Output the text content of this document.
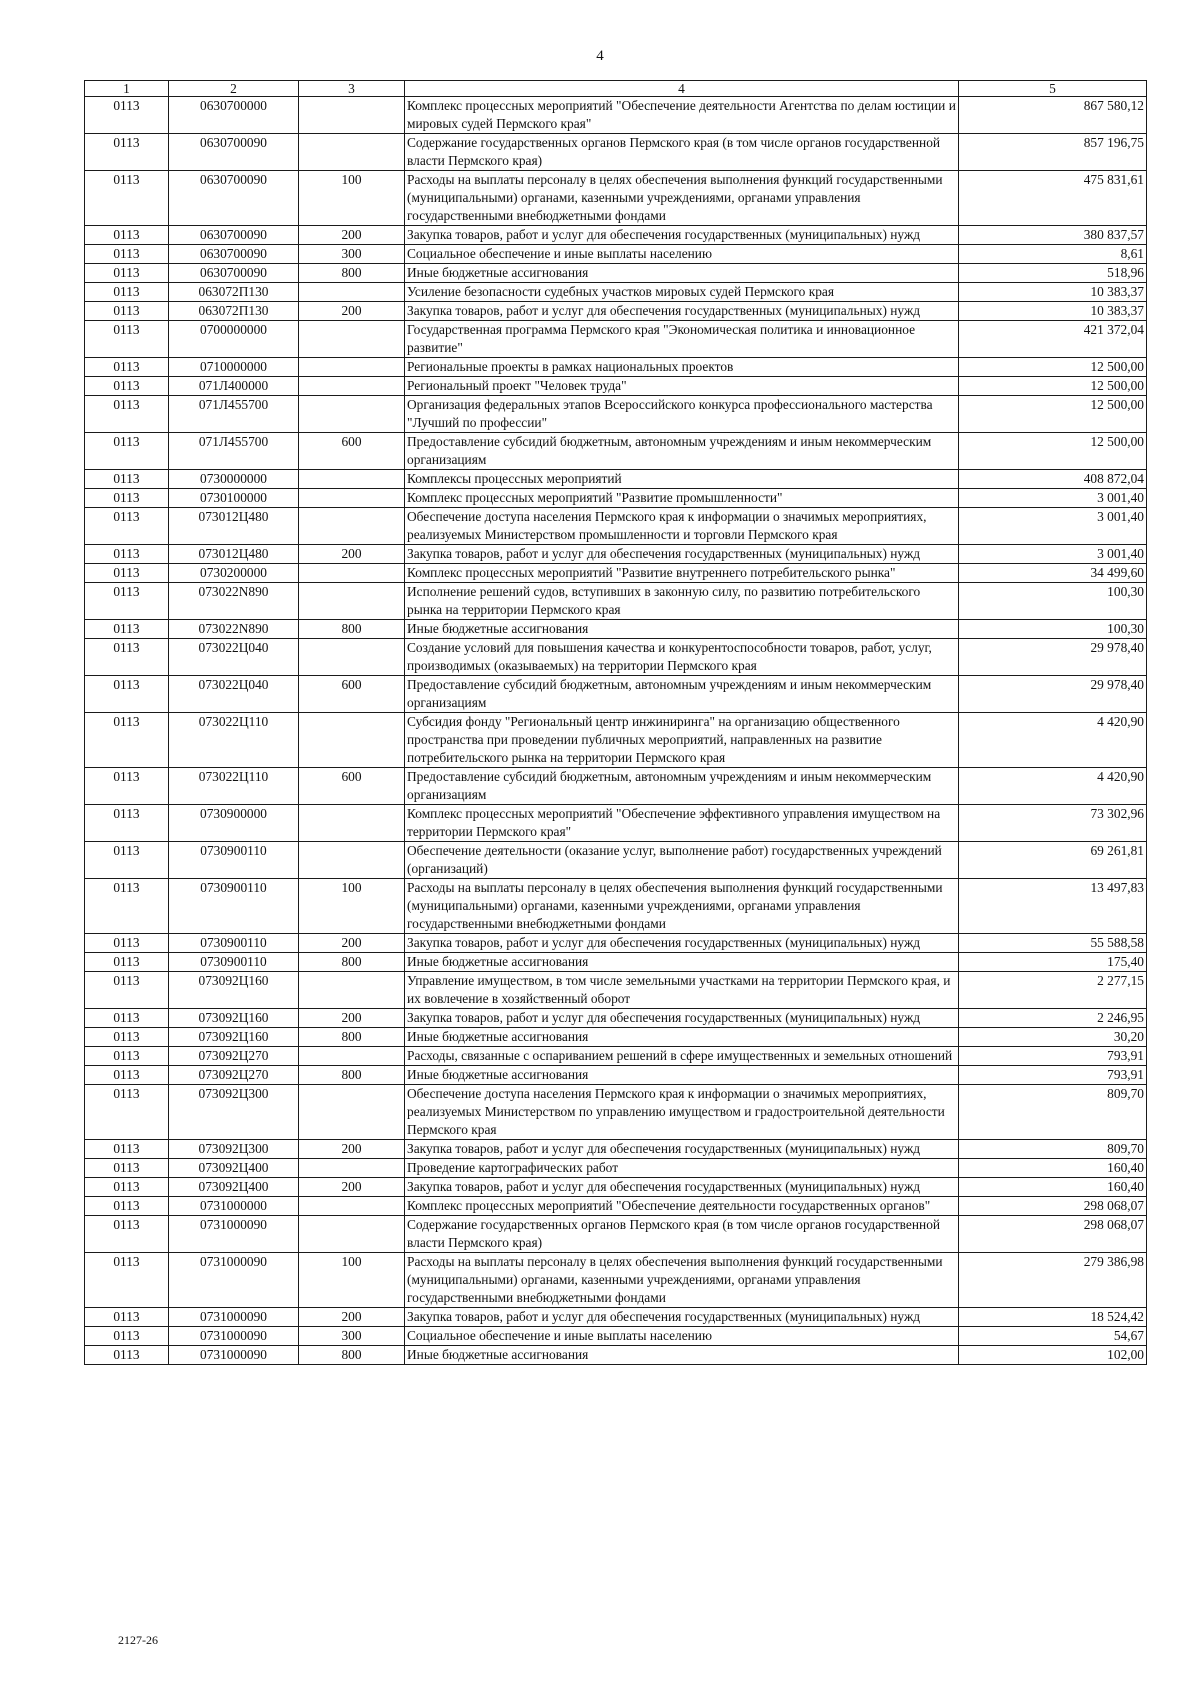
4
1	2	3	4	5
0113	0630700000		Комплекс процессных мероприятий "Обеспечение деятельности Агентства по делам юстиции и мировых судей Пермского края"	867 580,12
0113	0630700090		Содержание государственных органов Пермского края (в том числе органов государственной власти Пермского края)	857 196,75
0113	0630700090	100	Расходы на выплаты персоналу в целях обеспечения выполнения функций государственными (муниципальными) органами, казенными учреждениями, органами управления государственными внебюджетными фондами	475 831,61
0113	0630700090	200	Закупка товаров, работ и услуг для обеспечения государственных (муниципальных) нужд	380 837,57
0113	0630700090	300	Социальное обеспечение и иные выплаты населению	8,61
0113	0630700090	800	Иные бюджетные ассигнования	518,96
0113	063072П130		Усиление безопасности судебных участков мировых судей Пермского края	10 383,37
0113	063072П130	200	Закупка товаров, работ и услуг для обеспечения государственных (муниципальных) нужд	10 383,37
0113	0700000000		Государственная программа Пермского края "Экономическая политика и инновационное развитие"	421 372,04
0113	0710000000		Региональные проекты в рамках национальных проектов	12 500,00
0113	071Л400000		Региональный проект "Человек труда"	12 500,00
0113	071Л455700		Организация федеральных этапов Всероссийского конкурса профессионального мастерства "Лучший по профессии"	12 500,00
0113	071Л455700	600	Предоставление субсидий бюджетным, автономным учреждениям и иным некоммерческим организациям	12 500,00
0113	0730000000		Комплексы процессных мероприятий	408 872,04
0113	0730100000		Комплекс процессных мероприятий "Развитие промышленности"	3 001,40
0113	073012Ц480		Обеспечение доступа населения Пермского края к информации о значимых мероприятиях, реализуемых Министерством промышленности и торговли Пермского края	3 001,40
0113	073012Ц480	200	Закупка товаров, работ и услуг для обеспечения государственных (муниципальных) нужд	3 001,40
0113	0730200000		Комплекс процессных мероприятий "Развитие внутреннего потребительского рынка"	34 499,60
0113	073022N890		Исполнение решений судов, вступивших в законную силу, по развитию потребительского рынка на территории Пермского края	100,30
0113	073022N890	800	Иные бюджетные ассигнования	100,30
0113	073022Ц040		Создание условий для повышения качества и конкурентоспособности товаров, работ, услуг, производимых (оказываемых) на территории Пермского края	29 978,40
0113	073022Ц040	600	Предоставление субсидий бюджетным, автономным учреждениям и иным некоммерческим организациям	29 978,40
0113	073022Ц110		Субсидия фонду "Региональный центр инжиниринга" на организацию общественного пространства при проведении публичных мероприятий, направленных на развитие потребительского рынка на территории Пермского края	4 420,90
0113	073022Ц110	600	Предоставление субсидий бюджетным, автономным учреждениям и иным некоммерческим организациям	4 420,90
0113	0730900000		Комплекс процессных мероприятий "Обеспечение эффективного управления имуществом на территории Пермского края"	73 302,96
0113	0730900110		Обеспечение деятельности (оказание услуг, выполнение работ) государственных учреждений (организаций)	69 261,81
0113	0730900110	100	Расходы на выплаты персоналу в целях обеспечения выполнения функций государственными (муниципальными) органами, казенными учреждениями, органами управления государственными внебюджетными фондами	13 497,83
0113	0730900110	200	Закупка товаров, работ и услуг для обеспечения государственных (муниципальных) нужд	55 588,58
0113	0730900110	800	Иные бюджетные ассигнования	175,40
0113	073092Ц160		Управление имуществом, в том числе земельными участками на территории Пермского края, и их вовлечение в хозяйственный оборот	2 277,15
0113	073092Ц160	200	Закупка товаров, работ и услуг для обеспечения государственных (муниципальных) нужд	2 246,95
0113	073092Ц160	800	Иные бюджетные ассигнования	30,20
0113	073092Ц270		Расходы, связанные с оспариванием решений в сфере имущественных и земельных отношений	793,91
0113	073092Ц270	800	Иные бюджетные ассигнования	793,91
0113	073092Ц300		Обеспечение доступа населения Пермского края к информации о значимых мероприятиях, реализуемых Министерством по управлению имуществом и градостроительной деятельности Пермского края	809,70
0113	073092Ц300	200	Закупка товаров, работ и услуг для обеспечения государственных (муниципальных) нужд	809,70
0113	073092Ц400		Проведение картографических работ	160,40
0113	073092Ц400	200	Закупка товаров, работ и услуг для обеспечения государственных (муниципальных) нужд	160,40
0113	0731000000		Комплекс процессных мероприятий "Обеспечение деятельности государственных органов"	298 068,07
0113	0731000090		Содержание государственных органов Пермского края (в том числе органов государственной власти Пермского края)	298 068,07
0113	0731000090	100	Расходы на выплаты персоналу в целях обеспечения выполнения функций государственными (муниципальными) органами, казенными учреждениями, органами управления государственными внебюджетными фондами	279 386,98
0113	0731000090	200	Закупка товаров, работ и услуг для обеспечения государственных (муниципальных) нужд	18 524,42
0113	0731000090	300	Социальное обеспечение и иные выплаты населению	54,67
0113	0731000090	800	Иные бюджетные ассигнования	102,00
2127-26
